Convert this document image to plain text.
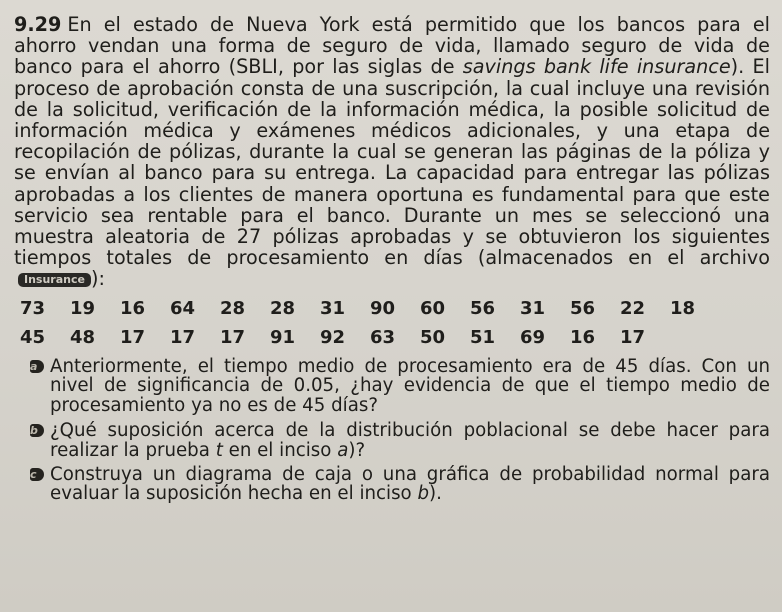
9.29 En el estado de Nueva York está permitido que los bancos para el ahorro vendan una forma de seguro de vida, llamado seguro de vida de banco para el ahorro (SBLI, por las siglas de savings bank life insurance). El proceso de aprobación consta de una suscripción, la cual incluye una revisión de la solicitud, verificación de la información médica, la posible solicitud de información médica y exámenes médicos adicionales, y una etapa de recopilación de pólizas, durante la cual se generan las páginas de la póliza y se envían al banco para su entrega. La capacidad para entregar las pólizas aprobadas a los clientes de manera oportuna es fundamental para que este servicio sea rentable para el banco. Durante un mes se seleccionó una muestra aleatoria de 27 pólizas aprobadas y se obtuvieron los siguientes tiempos totales de procesamiento en días (almacenados en el archivo Insurance ):

73	19	16	64	28	28	31	90	60	56	31	56	22	18
45	48	17	17	17	91	92	63	50	51	69	16	17

a Anteriormente, el tiempo medio de procesamiento era de 45 días. Con un nivel de significancia de 0.05, ¿hay evidencia de que el tiempo medio de procesamiento ya no es de 45 días?

b ¿Qué suposición acerca de la distribución poblacional se debe hacer para realizar la prueba t en el inciso a)?

c Construya un diagrama de caja o una gráfica de probabilidad normal para evaluar la suposición hecha en el inciso b).
